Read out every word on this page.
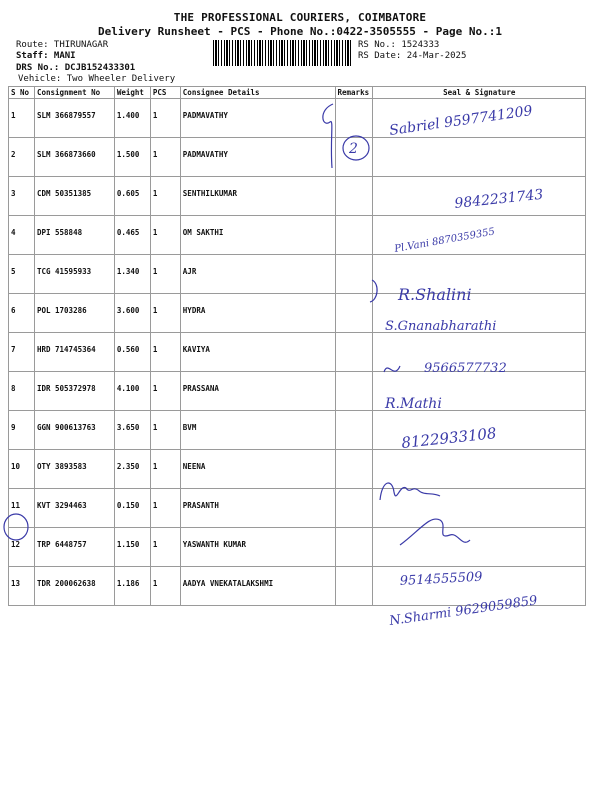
THE PROFESSIONAL COURIERS, COIMBATORE
Delivery Runsheet - PCS - Phone No.:0422-3505555 - Page No.:1
Route: THIRUNAGAR
Staff: MANI
DRS No.: DCJB152433301
Vehicle: Two Wheeler Delivery
RS No.: 1524333
RS Date: 24-Mar-2025
S No	Consignment No	Weight	PCS	Consignee Details	Remarks	Seal & Signature
1	SLM 366879557	1.400	1	PADMAVATHY		
2	SLM 366873660	1.500	1	PADMAVATHY		
3	CDM 50351385	0.605	1	SENTHILKUMAR		
4	DPI 558848	0.465	1	OM SAKTHI		
5	TCG 41595933	1.340	1	AJR		
6	POL 1703286	3.600	1	HYDRA		
7	HRD 714745364	0.560	1	KAVIYA		
8	IDR 505372978	4.100	1	PRASSANA		
9	GGN 900613763	3.650	1	BVM		
10	OTY 3893583	2.350	1	NEENA		
11	KVT 3294463	0.150	1	PRASANTH		
12	TRP 6448757	1.150	1	YASWANTH KUMAR		
13	TDR 200062638	1.186	1	AADYA VNEKATALAKSHMI		
2
Sabriel 9597741209
9842231743
Pl.Vani 8870359355
R.Shalini
S.Gnanabharathi
9566577732
R.Mathi
8122933108
9514555509
N.Sharmi 9629059859
